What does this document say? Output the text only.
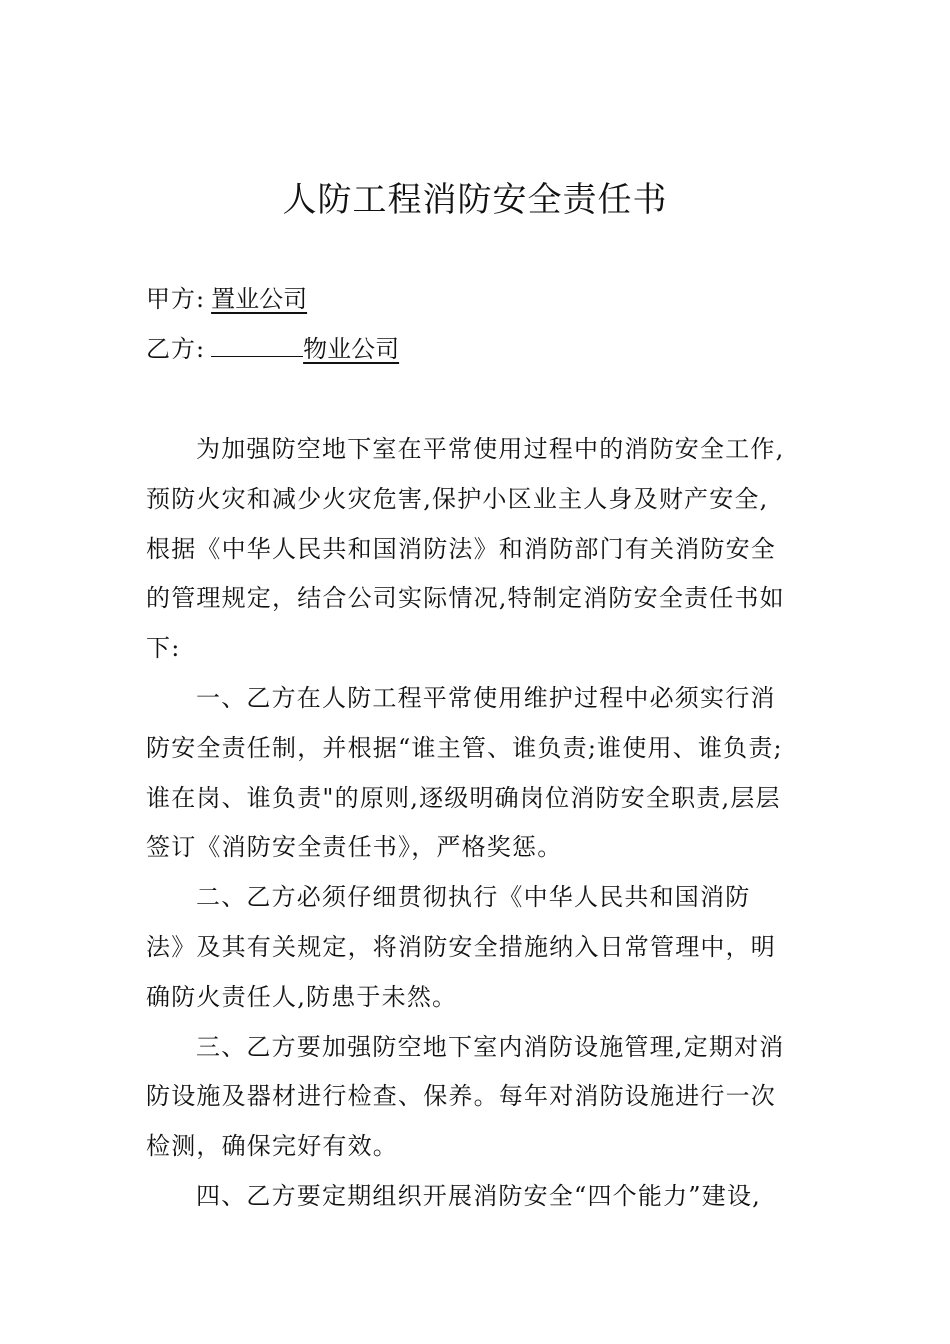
人防工程消防安全责任书
甲方: 置业公司
乙方:	物业公司
为加强防空地下室在平常使用过程中的消防安全工作,
预防火灾和减少火灾危害,保护小区业主人身及财产安全,
根据《中华人民共和国消防法》和消防部门有关消防安全
的管理规定，结合公司实际情况,特制定消防安全责任书如
下:
一、乙方在人防工程平常使用维护过程中必须实行消
防安全责任制，并根据“谁主管、谁负责;谁使用、谁负责;
谁在岗、谁负责"的原则,逐级明确岗位消防安全职责,层层
签订《消防安全责任书》，严格奖惩。
二、乙方必须仔细贯彻执行《中华人民共和国消防
法》及其有关规定，将消防安全措施纳入日常管理中，明
确防火责任人,防患于未然。
三、乙方要加强防空地下室内消防设施管理,定期对消
防设施及器材进行检查、保养。每年对消防设施进行一次
检测，确保完好有效。
四、乙方要定期组织开展消防安全“四个能力”建设,
